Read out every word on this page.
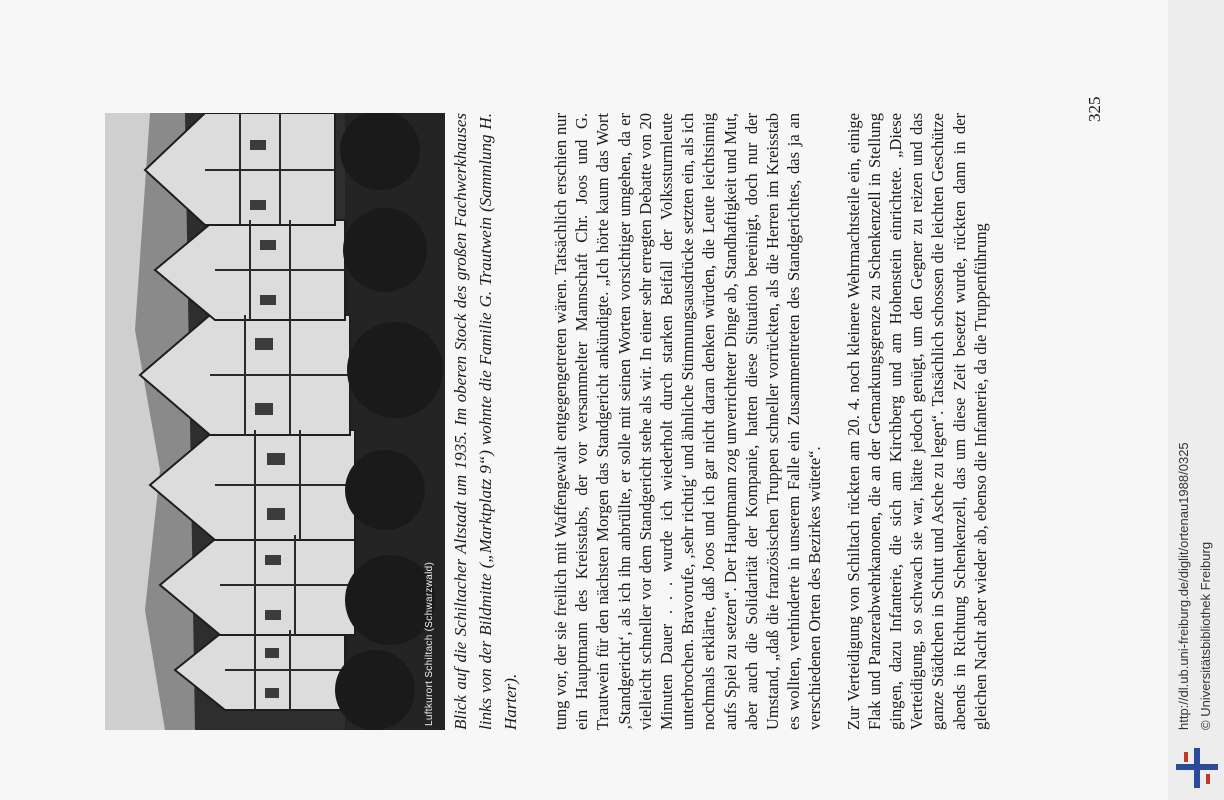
Luftkurort Schiltach (Schwarzwald) Blick auf die Schiltacher Altstadt um 1935. Im oberen Stock des großen Fachwerkhauses links von der Bildmitte („Marktplatz 9“) wohnte die Familie G. Trautwein (Sammlung H. Harter). tung vor, der sie freilich mit Waffengewalt entgegengetreten wären. Tatsächlich erschien nur ein Hauptmann des Kreisstabs, der vor versammelter Mannschaft Chr. Joos und G. Trautwein für den nächsten Morgen das Standgericht ankündigte. „Ich hörte kaum das Wort ‚Standgericht‘, als ich ihn anbrüllte, er solle mit seinen Worten vorsichtiger umgehen, da er vielleicht schneller vor dem Standgericht stehe als wir. In einer sehr erregten Debatte von 20 Minuten Dauer . . . wurde ich wiederholt durch starken Beifall der Volkssturmleute unterbrochen. Bravorufe, ‚sehr richtig‘ und ähnliche Stimmungsausdrücke setzten ein, als ich nochmals erklärte, daß Joos und ich gar nicht daran denken würden, die Leute leichtsinnig aufs Spiel zu setzen“. Der Hauptmann zog unverrichteter Dinge ab, Standhaftigkeit und Mut, aber auch die Solidarität der Kompanie, hatten diese Situation bereinigt, doch nur der Umstand, „daß die französischen Truppen schneller vorrückten, als die Herren im Kreisstab es wollten, verhinderte in unserem Falle ein Zusammentreten des Standgerichtes, das ja an verschiedenen Orten des Bezirkes wütete“. Zur Verteidigung von Schiltach rückten am 20. 4. noch kleinere Wehrmachtsteile ein, einige Flak und Panzerabwehrkanonen, die an der Gemarkungsgrenze zu Schenkenzell in Stellung gingen, dazu Infanterie, die sich am Kirchberg und am Hohenstein einrichtete. „Diese Verteidigung, so schwach sie war, hätte jedoch genügt, um den Gegner zu reizen und das ganze Städtchen in Schutt und Asche zu legen“. Tatsächlich schossen die leichten Geschütze abends in Richtung Schenkenzell, das um diese Zeit besetzt wurde, rückten dann in der gleichen Nacht aber wieder ab, ebenso die Infanterie, da die Truppenführung

325
http://dl.ub.uni-freiburg.de/diglit/ortenau1988/0325 © Universitätsbibliothek Freiburg
